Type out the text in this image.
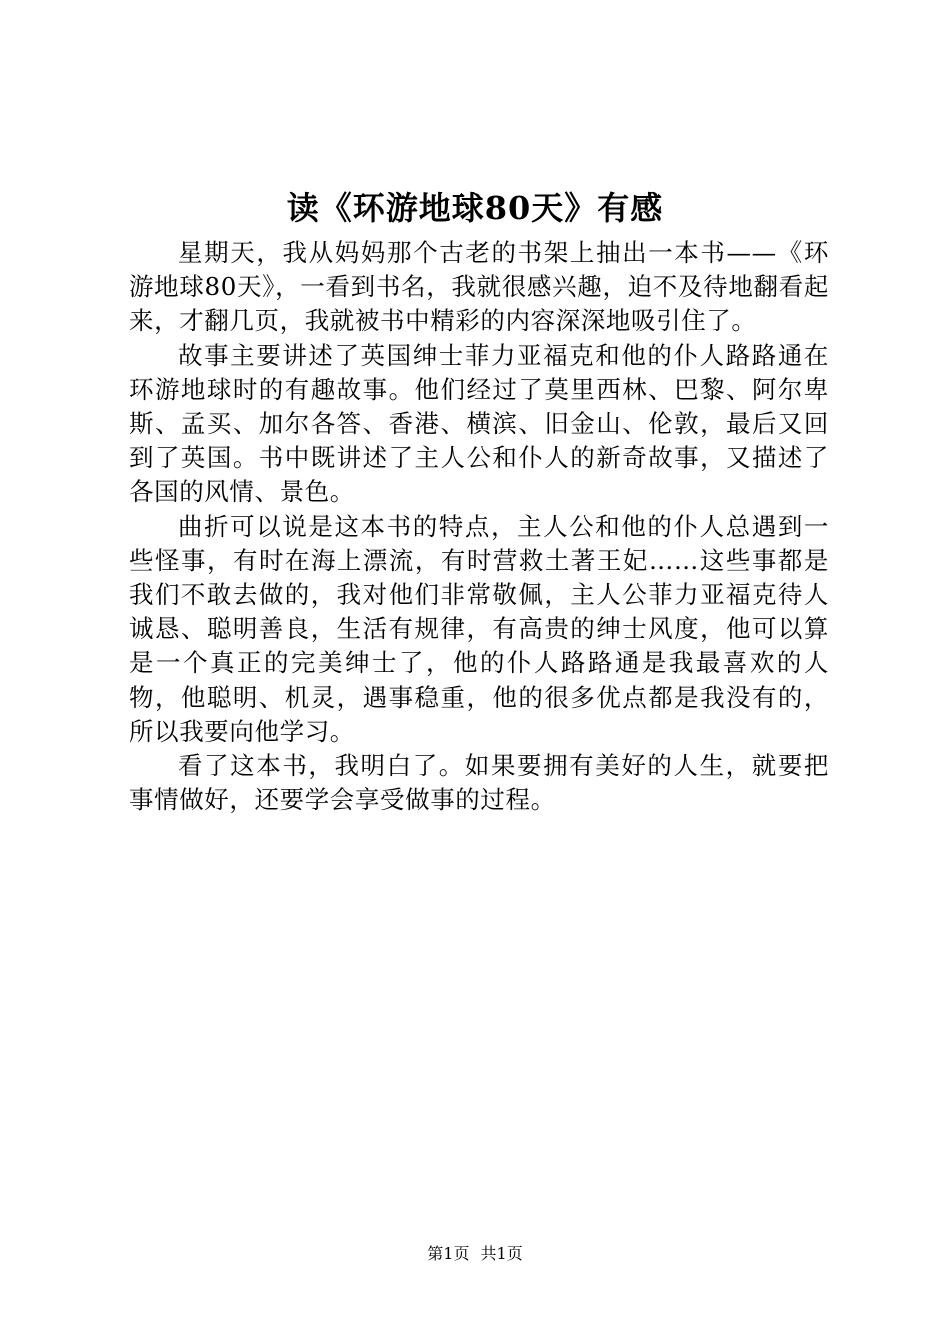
读《环游地球80天》有感

星期天，我从妈妈那个古老的书架上抽出一本书——《环游地球80天》，一看到书名，我就很感兴趣，迫不及待地翻看起来，才翻几页，我就被书中精彩的内容深深地吸引住了。

故事主要讲述了英国绅士菲力亚福克和他的仆人路路通在环游地球时的有趣故事。他们经过了莫里西林、巴黎、阿尔卑斯、孟买、加尔各答、香港、横滨、旧金山、伦敦，最后又回到了英国。书中既讲述了主人公和仆人的新奇故事，又描述了各国的风情、景色。

曲折可以说是这本书的特点，主人公和他的仆人总遇到一些怪事，有时在海上漂流，有时营救土著王妃……这些事都是我们不敢去做的，我对他们非常敬佩，主人公菲力亚福克待人诚恳、聪明善良，生活有规律，有高贵的绅士风度，他可以算是一个真正的完美绅士了，他的仆人路路通是我最喜欢的人物，他聪明、机灵，遇事稳重，他的很多优点都是我没有的，所以我要向他学习。

看了这本书，我明白了。如果要拥有美好的人生，就要把事情做好，还要学会享受做事的过程。

第1页 共1页
